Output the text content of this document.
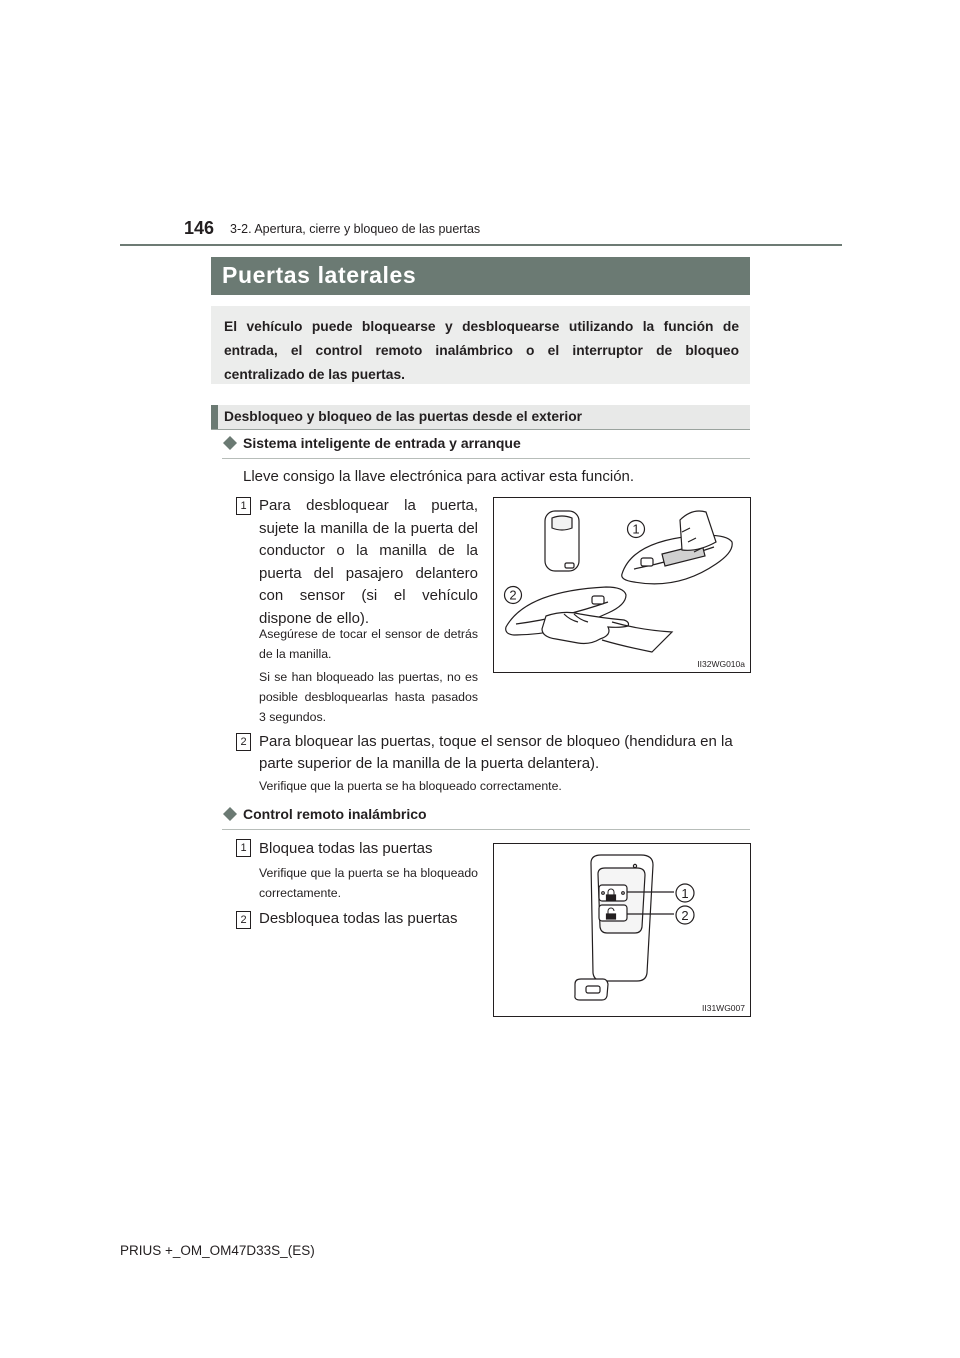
146 3-2. Apertura, cierre y bloqueo de las puertas
Puertas laterales

El vehículo puede bloquearse y desbloquearse utilizando la función de entrada, el control remoto inalámbrico o el interruptor de bloqueo centralizado de las puertas.

Desbloqueo y bloqueo de las puertas desde el exterior
Sistema inteligente de entrada y arranque
Lleve consigo la llave electrónica para activar esta función.
1 Para desbloquear la puerta, sujete la manilla de la puerta del conductor o la manilla de la puerta del pasajero delantero con sensor (si el vehículo dispone de ello).
Asegúrese de tocar el sensor de detrás de la manilla.
Si se han bloqueado las puertas, no es posible desbloquearlas hasta pasados 3 segundos.
1
2
II32WG010a
2 Para bloquear las puertas, toque el sensor de bloqueo (hendidura en la parte superior de la manilla de la puerta delantera).
Verifique que la puerta se ha bloqueado correctamente.
Control remoto inalámbrico
1 Bloquea todas las puertas
Verifique que la puerta se ha bloqueado correctamente.
2 Desbloquea todas las puertas
1
2
II31WG007
PRIUS +_OM_OM47D33S_(ES)
